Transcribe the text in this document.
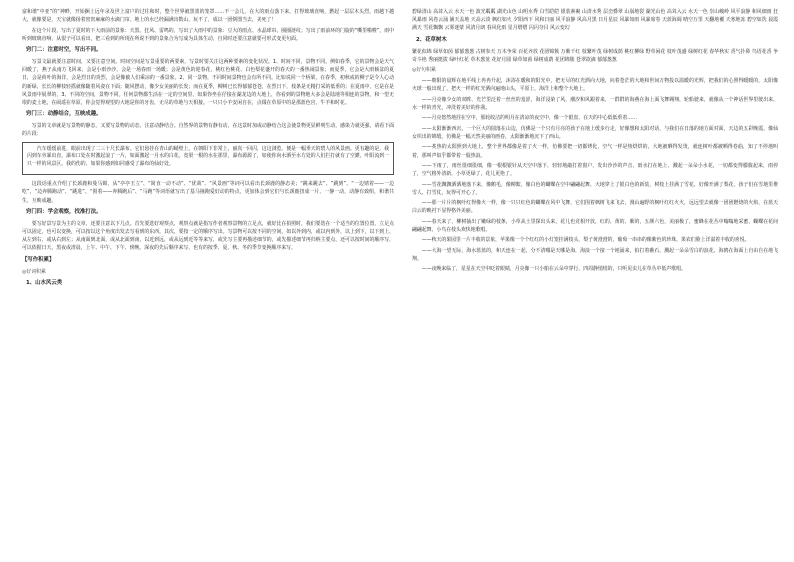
富和谐“中亚”的“神畔，开始捆上远年录及世上富户的过往和时，整个世界被黑墨的笼罩……不一会儿，在大的雨点落下来，打得玻璃直响，燃起一层层木头烈。雨越下越大，就像要是，天宝就像扬着密密麻麻的水滴门帘。地上的水已经漏满出数山，玩不了，成以一团倒图当去，美死了！

在这个片段，写出了夏时的下大雨前的景象：天黑、狂风、雷鸣的，写出了大雨中的景象：豆大的雨点、水晶球帘、圈圈涟纹；写出了雨前环的门旋的“嘶里啪啦”，雨中听到玻璃直响，从很子可以看出，把三看到的所现在所说不到的景象合为写成为具体生动，自同时还要注意就要可形式变更句面。

窍门二：注意时空，写出不同。

写景文最就要注意时间，又要注意空间。时间空间是写景重要的两要素，写景时要关注这两种要素的变化状况。1、时间不同，景物不同。例如春季，它的景物会是天气回暖了，燕子从南方飞回来，会是小雨沙沙，会是一场春雨一场暖；会是黄色的迎春花，桃红色桃花、白色梨花盛开的春天的一番热闹景象；而夏季，它会是大雨倾盆的夏日，会是荷叶的海洋，会是烈日的炎烈，会是像被人们乘凉的一番景象。2、同一景物，不同时间景物也会有所不同。比如说同一个桥梁，在春季，初秋或的柳子是令人心动的新绿，长长的柳枝轻摇就像随着风姿在下面；随风摆动，像少女美丽的长发；而在夏季，柳树已长得郁郁苍苍，在烈日下，枝条是无精打采的低垂的；在夏雨中，它是在是风景雨中展翠的，3、不同的空间，景物不同。任何景物都生活在一定的空间里，如果你坐在仔接在湖龙边的大地上，你看到的景物地大多会是陆地等相连的景物，和一望无垠的麦土地，在闹遥在草原，你会觉得观望的大地是你的牙齿，无尽的草地与天相接。一只只小羊安闲自在，点缀在草原中的是那蓝色宫，牛羊和时花。

窍门三：动静结合，互映成趣。

写景的文章就是写景物的静态，又要写景物的动态，注意动静结合。自然界的景物有静有动，在这景时加或动静结合这会使景物更显鲜明生动，感染力就更强，请看下面的片段：

汽车缓缓前进，眼前出现了二三十尺长瀑布。它们悬挂在青山的峭壁上，在朝阳下非常上，丽真一回闪，这这浏览，便是一幅垂天的碧人的风景画。更有趣的是，我闪到车旁暴出直，瀑布口处在时激起浪了一片，如面激起一月水的白花。宽渠一根的水在那里，瀑布源源了，如使你向水洒至水方处的人们拦打就有了空灌，叶阳流到一只一样的风景区。我的伤的，如果你感到如同感受了瀑布的仙好处。

这段话重点介绍了长颈鹿和曼马锦，从“亭亭玉立”、“简直一动不动”、“优哉”、“风景画”等词可以看出长颈鹿的静态美；“跳来跳去”、“跳到”、“一边嬉着——一边吃”、“边奔腾跑动”、“跳进”、“围着——奔腾跑后”、“马跑”等词语就写出了基马撞跑爱好动的特点，更加体会到它们与长颈鹿扭成一片，一静一动，动静有致组，和谐共生，互映成趣。

窍门四：学会观察，找准打法。

要写好景写景为主的文章，还要注意以下几点。首先要选好观察点，观察点就是指写作者观察景物的立足点，就好比在拍照时，我们要选在一个适当的位置位置，立足点可以固定，也可以变换，可以按以这个角度出发去写看到的东西。其次，要按一定的顺序写出。写景物可以按不同的空间，如以外到内，或以内到外，以上到下，以下到上，从左到右，或从右到左；从南面到北面，或从北面到南，以近到远，或从远到近等等来写，或先写主要再描述细节的，或先描述细节再归纳主要点，还可以按时间的顺序写，可以依据日天，黑夜或清晨，上午、中午、下午、傍晚、深夜的先后顺序来写，也有的按季，夏、秋、冬的季节变换顺序来写。

【写作积累】
◎好词积累
1、山水风云类

碧绿清山 高耸入云 水天一色 波光粼粼 湖光山色 山明水秀 白雪皑皑 银装素裹 山清水秀 层峦叠翠 山崩地裂 湖光山色 高耸入云 水天一色 崇山峻岭 风平浪静 和风细雨 狂风暴雨 风卷云涌 铺天盖地 天高云淡 枫红如火 夕阳西下 风和日丽 风平浪静 风高月黑 日月星辰 风暴如雨 风暴席卷 天蓝海阔 晴空万里 天翻地覆 天寒地冻 碧空如洗 晨霞满天 雪花飘飘 云雾迷蒙 风清月朗 春风化雨 星月熠熠 闪闪夺目 风云变幻

2、花草树木

繁花似锦 绿草如茵 郁郁葱葱 古树参天 万木争荣 百花齐放 花团锦簇 万紫千红 枝繁叶茂 绿树成荫 桃红柳绿 野草闲花 枝叶茂盛 绿树红花 春华秋实 香气扑鼻 鸟语花香 争奇斗艳 秀丽挺拔 绿叶红花 草木葱茏 花好月圆 绿草如茵 绿树成荫 花团锦簇 苍翠欲滴 郁郁葱葱

◎好句积累

——朝阳的晨辉在地平线上冉冉升起，沐浴在暖和的阳光中，把无尽的红光洒向大地，向着苍茫的大地和世间万物投以温暖的光辉，把我们的心照得暖暖的，太阳像火球一般出现了，把火一样的红光洒向遍地山头，平原上，海洋上和整个大地上。

——月亮像少女的双眸，光芒里泛着一丝丝的羞涩，海洋浸染了风，潮汐和风跟着来，一群群的海燕在海上面飞舞翱翔，轮船驶来，就像从一个神话世界里驶出来，水一样的青光，冲洗着美好的你我。

——月亮悠然地挂在空中，那轮皎洁的明月在清凉的夜空中，像一个银盘，在天的中心低低垂着……

——太阳渐渐西沉，一个巨大的圆落在山边，仿佛是一个只有月亮的孩子在地上缓步行走，好像想和太阳对话，与我们在日落的地方面对面，天边的五彩晚霞，像仙女织出的锦缎，仿佛是一幅天然美丽的画卷，太阳渐渐地沉下了西山。

——炙热的太阳照到大地上，整个世界都像是着了火一样，仿佛要把一切都烤化，空气一样是热烘烘的，大地被晒得发烫，就连树叶都被晒得卷曲，知了不停地叫着，那叫声似乎都带着一股热浪。

——下雨了，雨丝很细很细，像一根根银针从天空中落下，轻轻地敲打着窗户，发出沙沙的声音，雨水打在地上，溅起一朵朵小水花，一切都变得朦胧起来，雨停了，空气格外清新，小草更绿了，花儿更艳了。

——雪花飘飘洒洒地落下来，像鹅毛，像柳絮，像白色的蝴蝶在空中翩翩起舞，大地穿上了银白色的新装，树枝上挂满了雪花，好像开满了梨花，孩子们在雪地里堆雪人、打雪仗，玩得可开心了。

——那一片片的枫叶红得像火一样，像一只只红色的蝴蝶在风中飞舞，它们围着枫树飞来飞去，漫山遍野的枫叶红红火火，远远望去就像一团团燃烧的火焰，在蓝天白云的映衬下显得格外美丽。

——春天来了，柳树抽出了嫩绿的枝条，小草从土里探出头来，花儿也竞相开放，红的、黄的、紫的，五颜六色，美丽极了，蜜蜂在花丛中嗡嗡地采蜜，蝴蝶在花间翩翩起舞，小鸟在枝头欢快地歌唱。

——秋天的果园里一片丰收的景象，苹果像一个个红红的小灯笼挂满枝头，梨子黄澄澄的，葡萄一串串的像紫色的珍珠，果农们脸上洋溢着丰收的喜悦。

——大海一望无际，海水蓝蓝的，和天连在一起，分不清哪是天哪是海，海浪一个接一个地涌来，拍打着礁石，溅起一朵朵雪白的浪花，海鸥在海面上自由自在地飞翔。

——夜晚来临了，星星在天空中眨着眼睛，月亮像一只小船在云朵中穿行，四周静悄悄的，只听见虫儿在草丛中低声歌唱。
